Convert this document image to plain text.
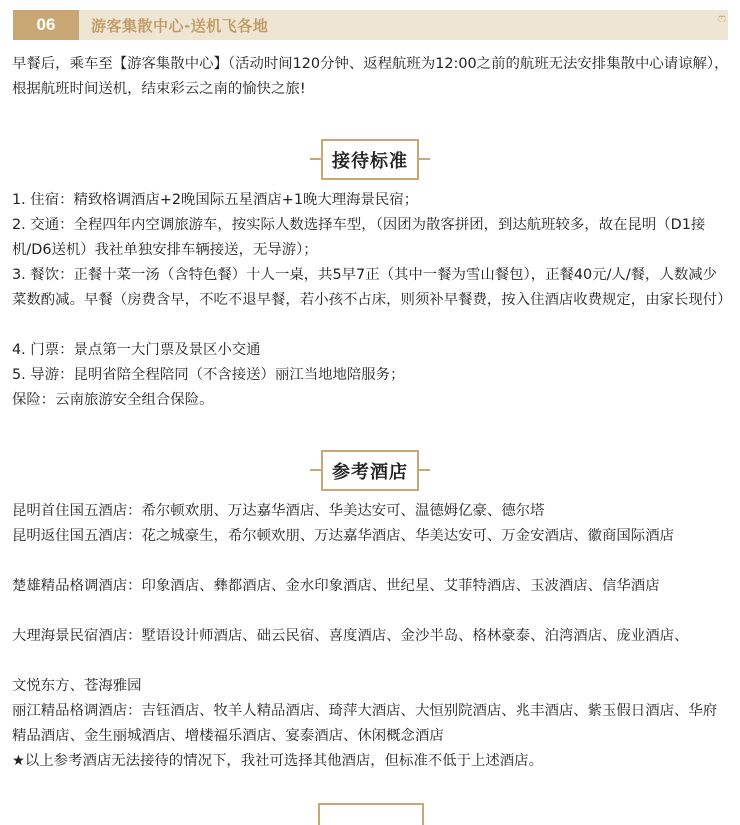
06	游客集散中心-送机飞各地	ෆ

早餐后，乘车至【游客集散中心】（活动时间120分钟、返程航班为12:00之前的航班无法安排集散中心请谅解），根据航班时间送机，结束彩云之南的愉快之旅!

接待标准

1. 住宿：精致格调酒店+2晚国际五星酒店+1晚大理海景民宿；

2. 交通：全程四年内空调旅游车，按实际人数选择车型，（因团为散客拼团，到达航班较多，故在昆明（D1接机/D6送机）我社单独安排车辆接送，无导游）；

3. 餐饮：正餐十菜一汤（含特色餐）十人一桌，共5早7正（其中一餐为雪山餐包），正餐40元/人/餐，人数减少菜数酌减。早餐（房费含早，不吃不退早餐，若小孩不占床，则须补早餐费，按入住酒店收费规定，由家长现付）

4. 门票：景点第一大门票及景区小交通

5. 导游：昆明省陪全程陪同（不含接送）丽江当地地陪服务；

保险：云南旅游安全组合保险。

参考酒店

昆明首住国五酒店：希尔顿欢朋、万达嘉华酒店、华美达安可、温德姆亿豪、德尔塔

昆明返住国五酒店：花之城豪生，希尔顿欢朋、万达嘉华酒店、华美达安可、万金安酒店、徽商国际酒店

楚雄精品格调酒店：印象酒店、彝都酒店、金水印象酒店、世纪星、艾菲特酒店、玉波酒店、信华酒店

大理海景民宿酒店：墅语设计师酒店、础云民宿、喜度酒店、金沙半岛、格林豪泰、泊湾酒店、庞业酒店、

文悦东方、苍海雅园

丽江精品格调酒店：吉钰酒店、牧羊人精品酒店、琦萍大酒店、大恒别院酒店、兆丰酒店、紫玉假日酒店、华府精品酒店、金生丽城酒店、增楼福乐酒店、宴泰酒店、休闲概念酒店

★以上参考酒店无法接待的情况下，我社可选择其他酒店，但标准不低于上述酒店。
